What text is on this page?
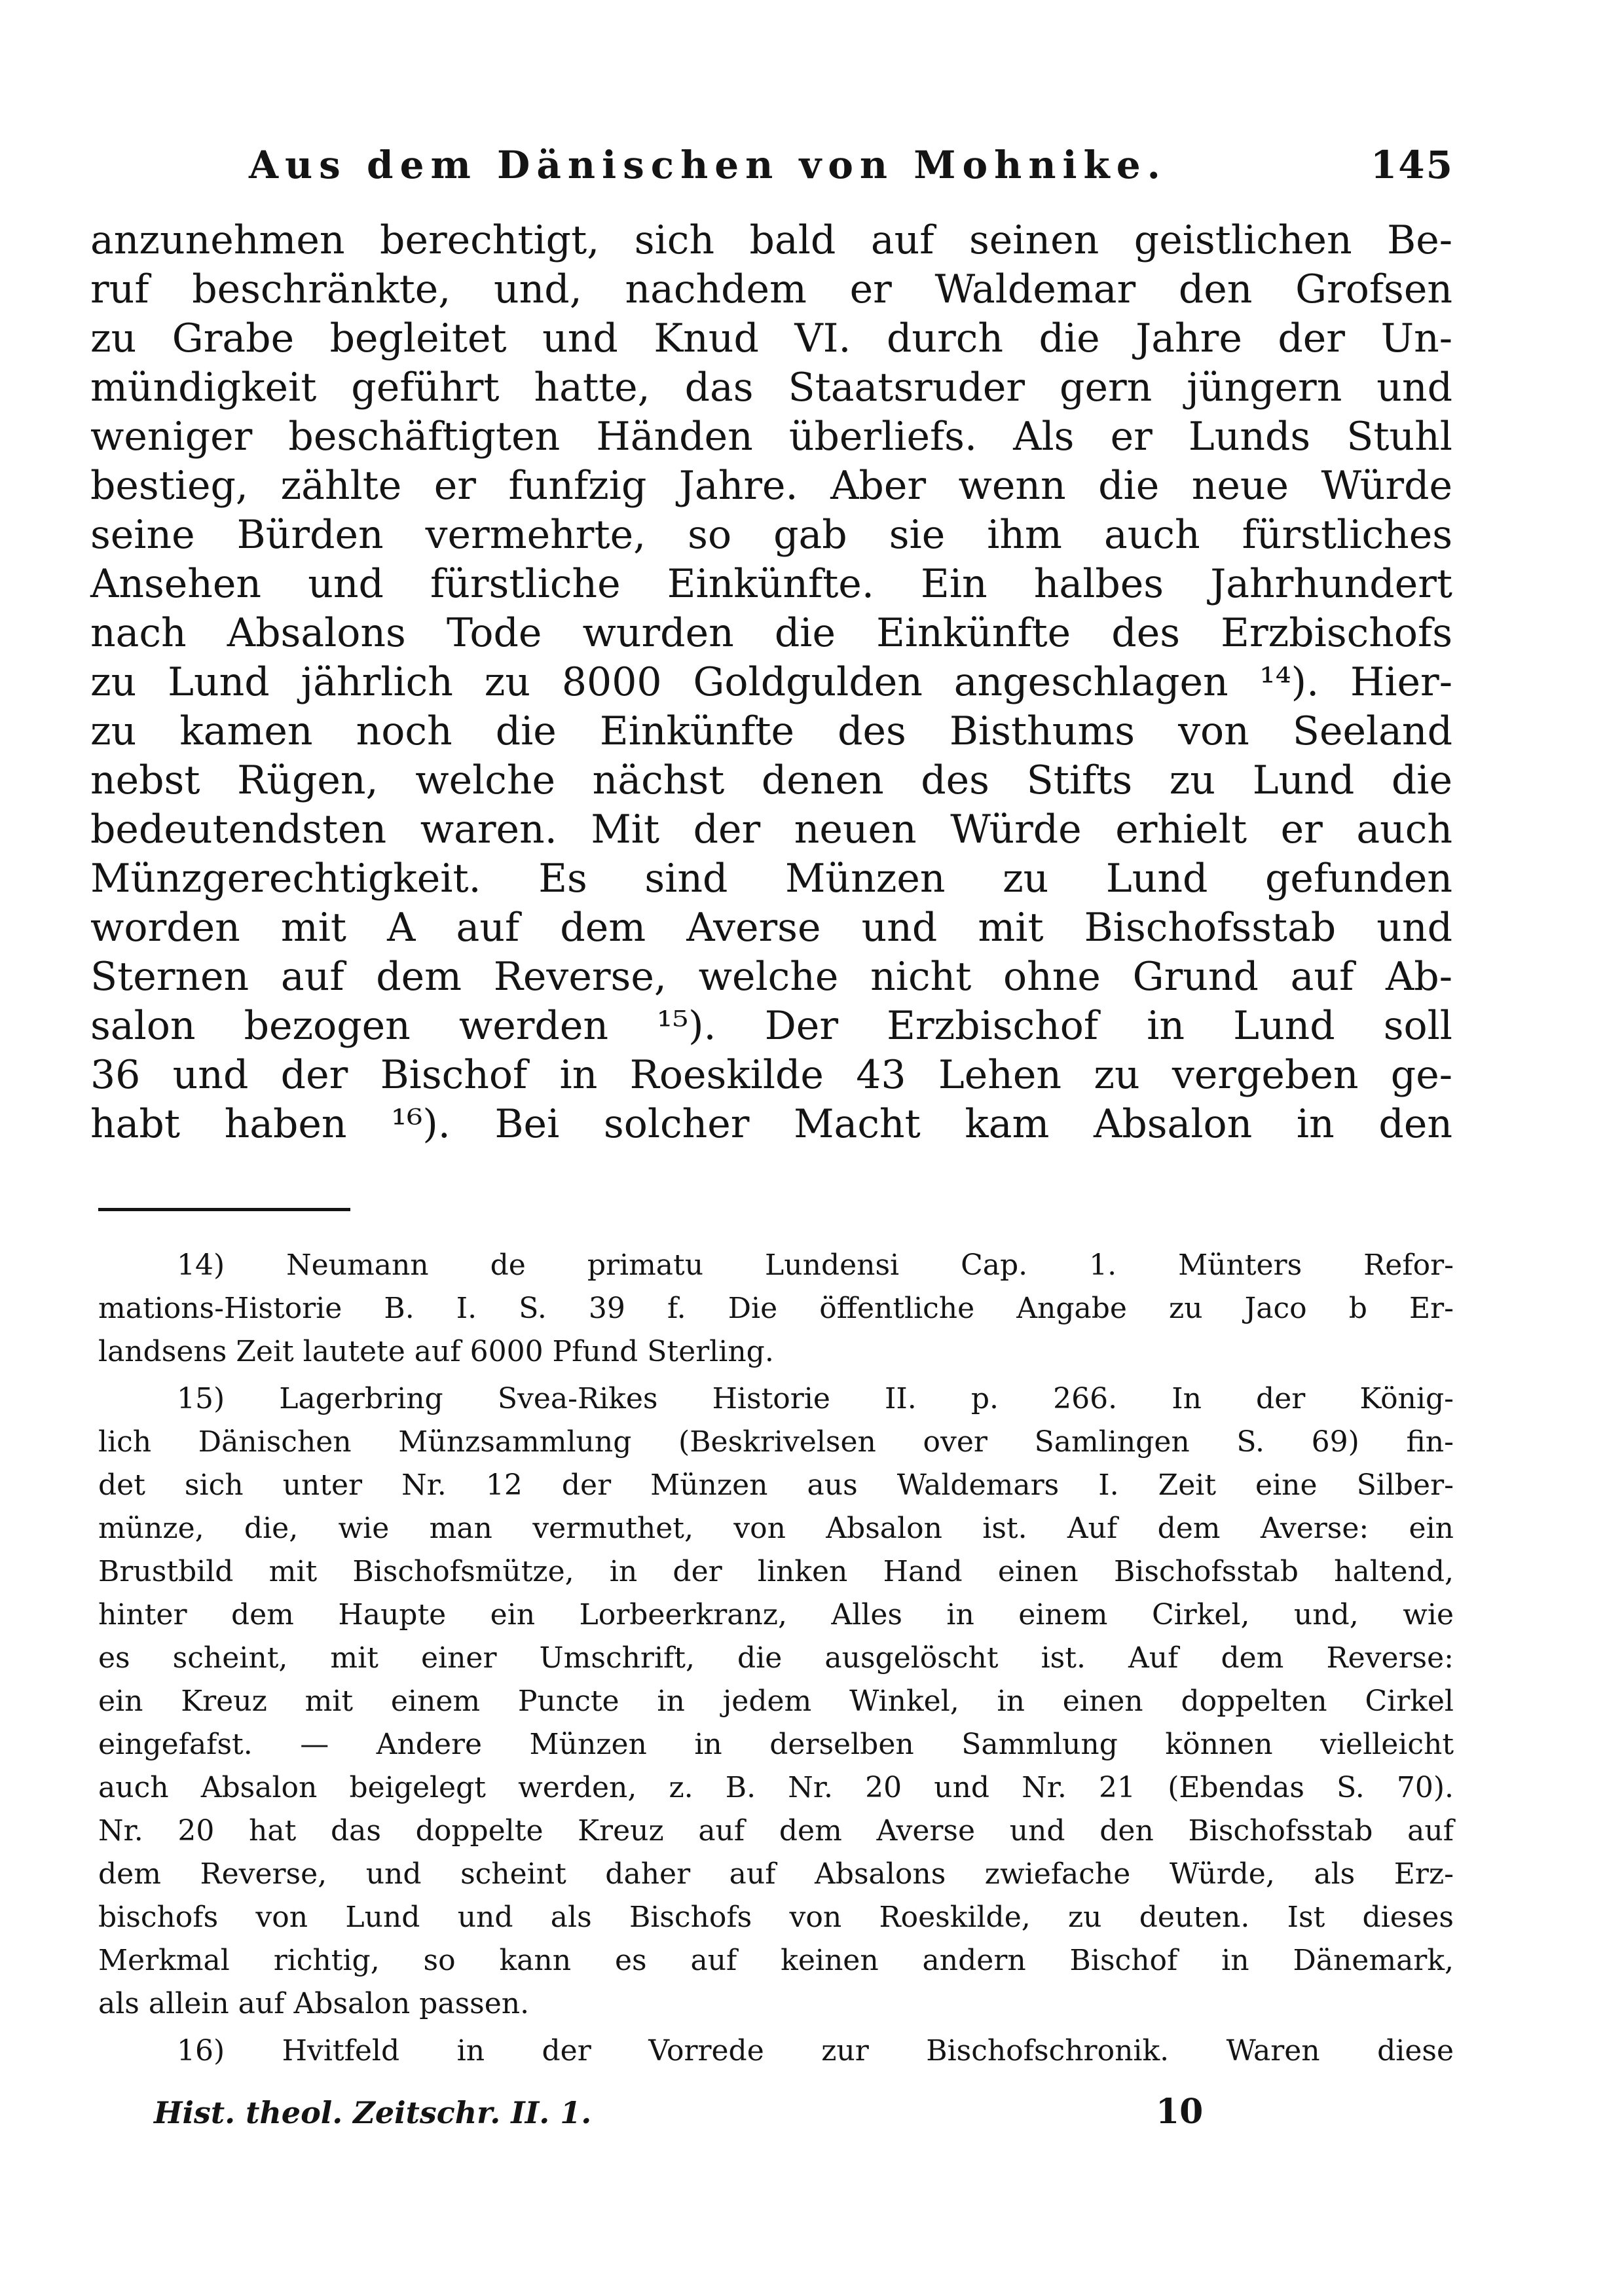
Aus dem Dänischen von Mohnike.	145
anzunehmen berechtigt, sich bald auf seinen geistlichen Be-
ruf beschränkte, und, nachdem er Waldemar den Grofsen
zu Grabe begleitet und Knud VI. durch die Jahre der Un-
mündigkeit geführt hatte, das Staatsruder gern jüngern und
weniger beschäftigten Händen überliefs. Als er Lunds Stuhl
bestieg, zählte er funfzig Jahre. Aber wenn die neue Würde
seine Bürden vermehrte, so gab sie ihm auch fürstliches
Ansehen und fürstliche Einkünfte. Ein halbes Jahrhundert
nach Absalons Tode wurden die Einkünfte des Erzbischofs
zu Lund jährlich zu 8000 Goldgulden angeschlagen ¹⁴). Hier-
zu kamen noch die Einkünfte des Bisthums von Seeland
nebst Rügen, welche nächst denen des Stifts zu Lund die
bedeutendsten waren. Mit der neuen Würde erhielt er auch
Münzgerechtigkeit. Es sind Münzen zu Lund gefunden
worden mit A auf dem Averse und mit Bischofsstab und
Sternen auf dem Reverse, welche nicht ohne Grund auf Ab-
salon bezogen werden ¹⁵). Der Erzbischof in Lund soll
36 und der Bischof in Roeskilde 43 Lehen zu vergeben ge-
habt haben ¹⁶). Bei solcher Macht kam Absalon in den
14) Neumann de primatu Lundensi Cap. 1. Münters Refor-
mations-Historie B. I. S. 39 f. Die öffentliche Angabe zu Jaco b Er-
landsens Zeit lautete auf 6000 Pfund Sterling.
15) Lagerbring Svea-Rikes Historie II. p. 266. In der König-
lich Dänischen Münzsammlung (Beskrivelsen over Samlingen S. 69) fin-
det sich unter Nr. 12 der Münzen aus Waldemars I. Zeit eine Silber-
münze, die, wie man vermuthet, von Absalon ist. Auf dem Averse: ein
Brustbild mit Bischofsmütze, in der linken Hand einen Bischofsstab haltend,
hinter dem Haupte ein Lorbeerkranz, Alles in einem Cirkel, und, wie
es scheint, mit einer Umschrift, die ausgelöscht ist. Auf dem Reverse:
ein Kreuz mit einem Puncte in jedem Winkel, in einen doppelten Cirkel
eingefafst. — Andere Münzen in derselben Sammlung können vielleicht
auch Absalon beigelegt werden, z. B. Nr. 20 und Nr. 21 (Ebendas S. 70).
Nr. 20 hat das doppelte Kreuz auf dem Averse und den Bischofsstab auf
dem Reverse, und scheint daher auf Absalons zwiefache Würde, als Erz-
bischofs von Lund und als Bischofs von Roeskilde, zu deuten. Ist dieses
Merkmal richtig, so kann es auf keinen andern Bischof in Dänemark,
als allein auf Absalon passen.
16) Hvitfeld in der Vorrede zur Bischofschronik. Waren diese
Hist. theol. Zeitschr. II. 1.	10
